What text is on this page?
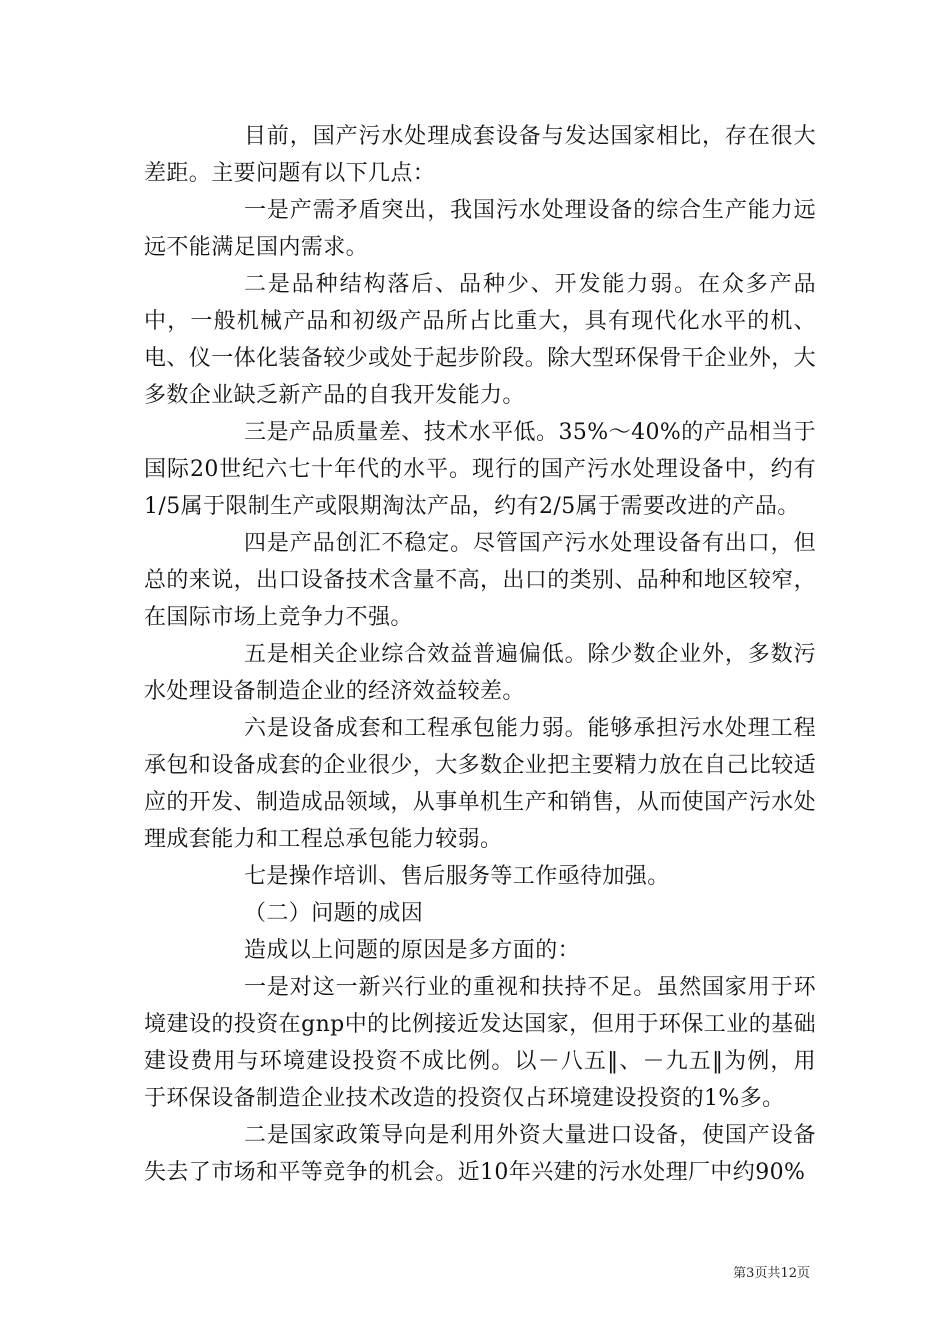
目前，国产污水处理成套设备与发达国家相比，存在很大差距。主要问题有以下几点：

一是产需矛盾突出，我国污水处理设备的综合生产能力远远不能满足国内需求。

二是品种结构落后、品种少、开发能力弱。在众多产品中，一般机械产品和初级产品所占比重大，具有现代化水平的机、电、仪一体化装备较少或处于起步阶段。除大型环保骨干企业外，大多数企业缺乏新产品的自我开发能力。

三是产品质量差、技术水平低。35%～40%的产品相当于国际20世纪六七十年代的水平。现行的国产污水处理设备中，约有1/5属于限制生产或限期淘汰产品，约有2/5属于需要改进的产品。

四是产品创汇不稳定。尽管国产污水处理设备有出口，但总的来说，出口设备技术含量不高，出口的类别、品种和地区较窄，在国际市场上竞争力不强。

五是相关企业综合效益普遍偏低。除少数企业外，多数污水处理设备制造企业的经济效益较差。

六是设备成套和工程承包能力弱。能够承担污水处理工程承包和设备成套的企业很少，大多数企业把主要精力放在自己比较适应的开发、制造成品领域，从事单机生产和销售，从而使国产污水处理成套能力和工程总承包能力较弱。

七是操作培训、售后服务等工作亟待加强。

（二）问题的成因

造成以上问题的原因是多方面的：

一是对这一新兴行业的重视和扶持不足。虽然国家用于环境建设的投资在gnp中的比例接近发达国家，但用于环保工业的基础建设费用与环境建设投资不成比例。以－八五‖、－九五‖为例，用于环保设备制造企业技术改造的投资仅占环境建设投资的1%多。

二是国家政策导向是利用外资大量进口设备，使国产设备失去了市场和平等竞争的机会。近10年兴建的污水处理厂中约90%

第3页共12页
